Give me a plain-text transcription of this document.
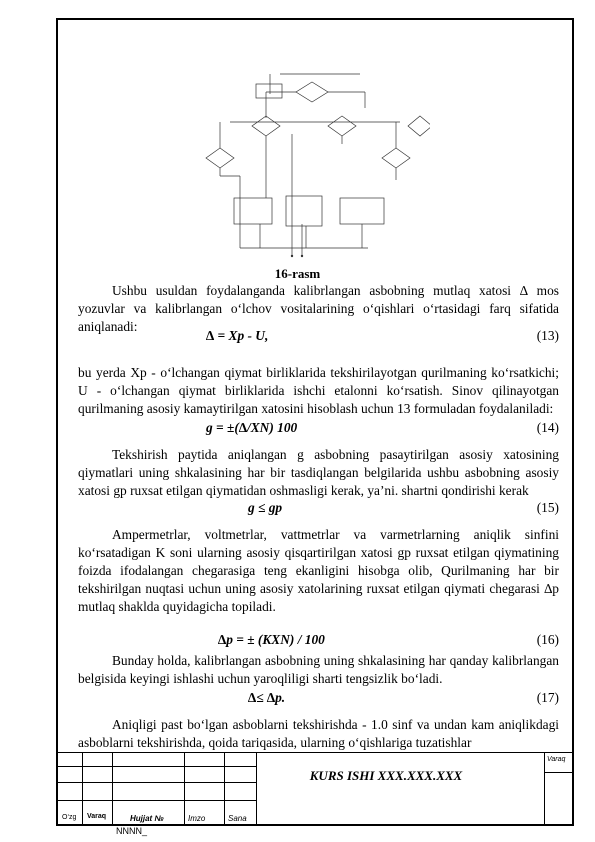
16-rasm
Ushbu usuldan foydalanganda kalibrlangan asbobning mutlaq xatosi ∆ mos yozuvlar va kalibrlangan o‘lchov vositalarining o‘qishlari o‘rtasidagi farq sifatida aniqlanadi:
∆ = Xp - U,	(13)
bu yerda Xp - o‘lchangan qiymat birliklarida tekshirilayotgan qurilmaning ko‘rsatkichi; U - o‘lchangan qiymat birliklarida ishchi etalonni ko‘rsatish. Sinov qilinayotgan qurilmaning asosiy kamaytirilgan xatosini hisoblash uchun 13 formuladan foydalaniladi:
g = ±(∆/XN) 100	(14)
Tekshirish paytida aniqlangan g asbobning pasaytirilgan asosiy xatosining qiymatlari uning shkalasining har bir tasdiqlangan belgilarida ushbu asbobning asosiy xatosi gp ruxsat etilgan qiymatidan oshmasligi kerak, ya’ni. shartni qondirishi kerak
g ≤ gp	(15)
Ampermetrlar, voltmetrlar, vattmetrlar va varmetrlarning aniqlik sinfini ko‘rsatadigan K soni ularning asosiy qisqartirilgan xatosi gp ruxsat etilgan qiymatining foizda ifodalangan chegarasiga teng ekanligini hisobga olib, Qurilmaning har bir tekshirilgan nuqtasi uchun uning asosiy xatolarining ruxsat etilgan qiymati chegarasi ∆p mutlaq shaklda quyidagicha topiladi.
∆p = ± (KXN) / 100	(16)
Bunday holda, kalibrlangan asbobning uning shkalasining har qanday kalibrlangan belgisida keyingi ishlashi uchun yaroqliligi sharti tengsizlik bo‘ladi.
∆≤ ∆p.	(17)
Aniqligi past bo‘lgan asboblarni tekshirishda - 1.0 sinf va undan kam aniqlikdagi asboblarni tekshirishda, qoida tariqasida, ularning o‘qishlariga tuzatishlar
KURS ISHI XXX.XXX.XXX
Varaq
O‘zg Varaq	Hujjat №	Imzo	Sana
NNNN_
